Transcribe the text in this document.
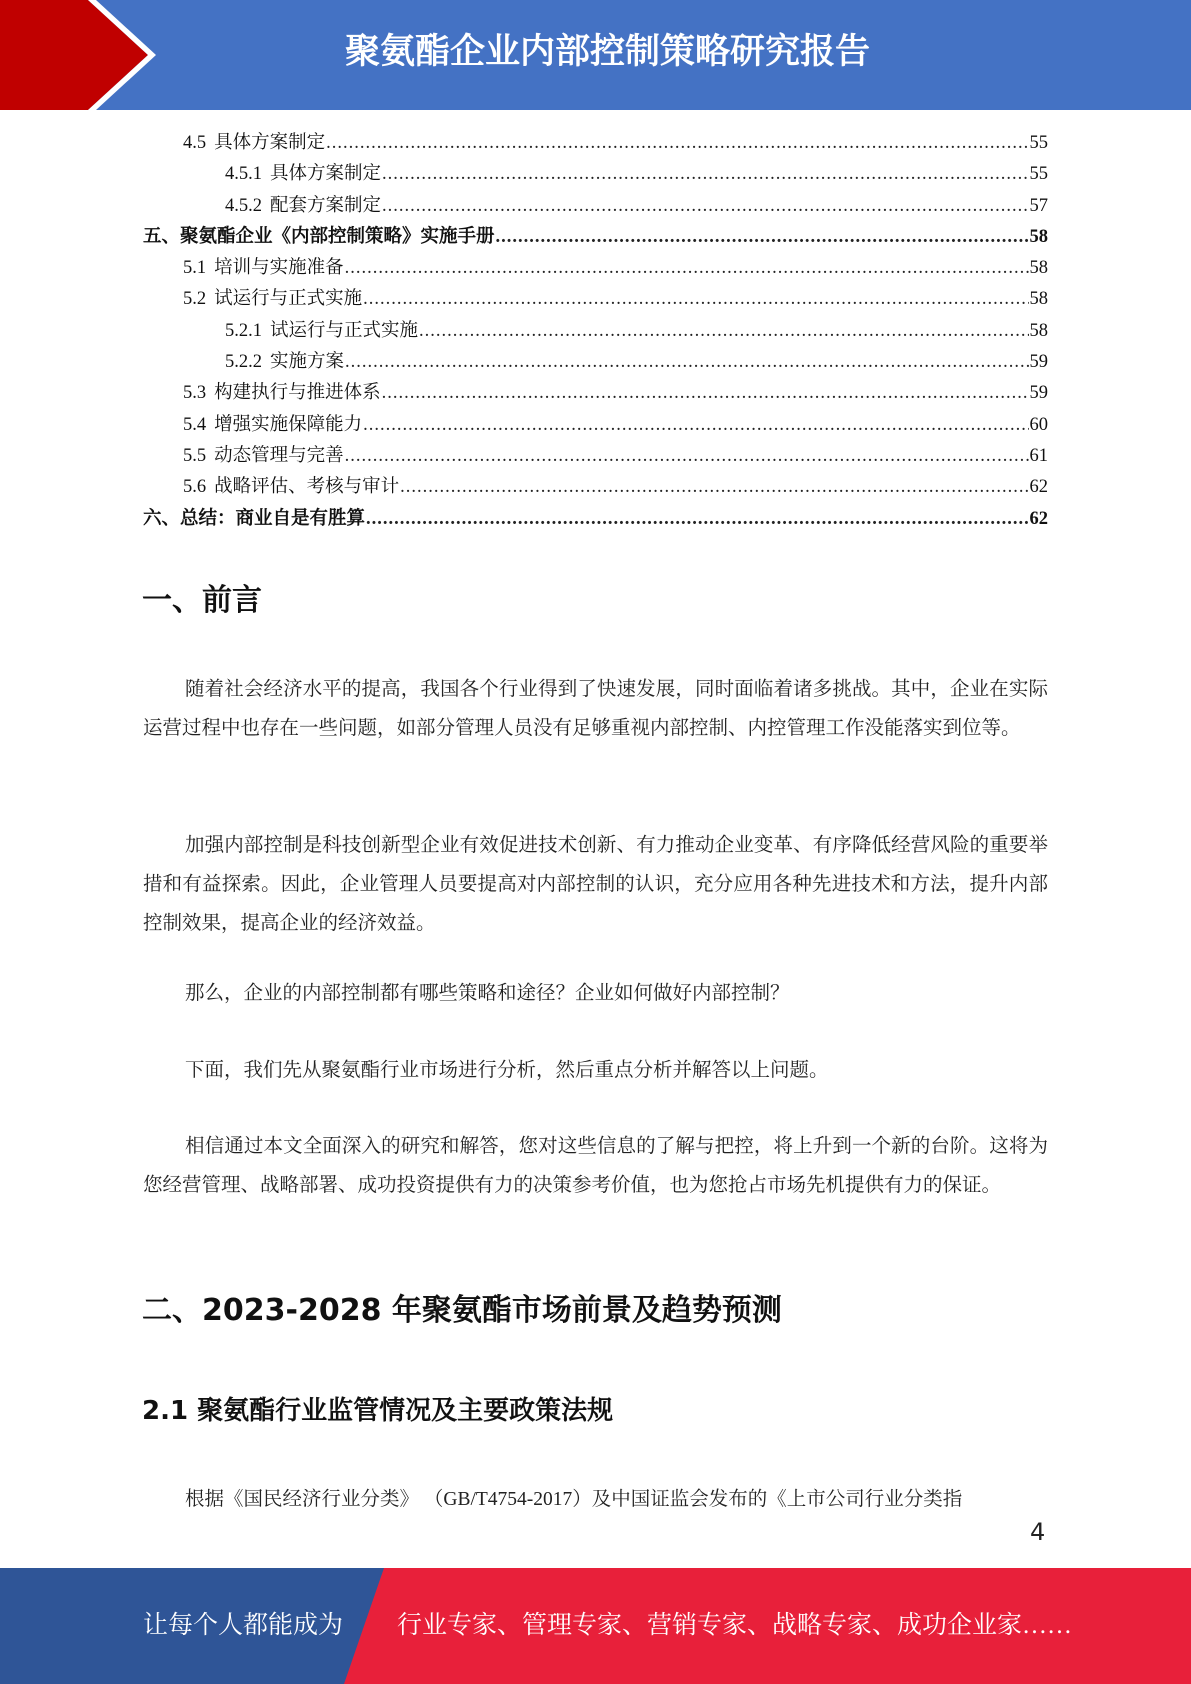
聚氨酯企业内部控制策略研究报告
4.5 具体方案制定 .....	55
4.5.1 具体方案制定 .....	55
4.5.2 配套方案制定 .....	57
五、聚氨酯企业《内部控制策略》实施手册 .....	58
5.1 培训与实施准备 .....	58
5.2 试运行与正式实施 .....	58
5.2.1 试运行与正式实施 .....	58
5.2.2 实施方案 .....	59
5.3 构建执行与推进体系 .....	59
5.4 增强实施保障能力 .....	60
5.5 动态管理与完善 .....	61
5.6 战略评估、考核与审计 .....	62
六、总结：商业自是有胜算 .....	62
一、前言
随着社会经济水平的提高，我国各个行业得到了快速发展，同时面临着诸多挑战。其中，企业在实际运营过程中也存在一些问题，如部分管理人员没有足够重视内部控制、内控管理工作没能落实到位等。
加强内部控制是科技创新型企业有效促进技术创新、有力推动企业变革、有序降低经营风险的重要举措和有益探索。因此，企业管理人员要提高对内部控制的认识，充分应用各种先进技术和方法，提升内部控制效果，提高企业的经济效益。
那么，企业的内部控制都有哪些策略和途径？企业如何做好内部控制？
下面，我们先从聚氨酯行业市场进行分析，然后重点分析并解答以上问题。
相信通过本文全面深入的研究和解答，您对这些信息的了解与把控，将上升到一个新的台阶。这将为您经营管理、战略部署、成功投资提供有力的决策参考价值，也为您抢占市场先机提供有力的保证。
二、2023-2028 年聚氨酯市场前景及趋势预测
2.1 聚氨酯行业监管情况及主要政策法规
根据《国民经济行业分类》 （GB/T4754-2017）及中国证监会发布的《上市公司行业分类指
4
让每个人都能成为 行业专家、管理专家、营销专家、战略专家、成功企业家……
